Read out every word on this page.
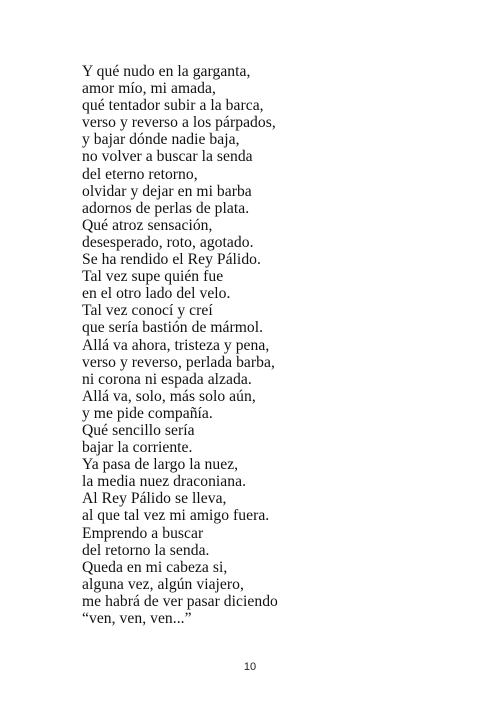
Y qué nudo en la garganta,
amor mío, mi amada,
qué tentador subir a la barca,
verso y reverso a los párpados,
y bajar dónde nadie baja,
no volver a buscar la senda
del eterno retorno,
olvidar y dejar en mi barba
adornos de perlas de plata.
Qué atroz sensación,
desesperado, roto, agotado.
Se ha rendido el Rey Pálido.
Tal vez supe quién fue
en el otro lado del velo.
Tal vez conocí y creí
que sería bastión de mármol.
Allá va ahora, tristeza y pena,
verso y reverso, perlada barba,
ni corona ni espada alzada.
Allá va, solo, más solo aún,
y me pide compañía.
Qué sencillo sería
bajar la corriente.
Ya pasa de largo la nuez,
la media nuez draconiana.
Al Rey Pálido se lleva,
al que tal vez mi amigo fuera.
Emprendo a buscar
del retorno la senda.
Queda en mi cabeza si,
alguna vez, algún viajero,
me habrá de ver pasar diciendo
“ven, ven, ven...”
10
